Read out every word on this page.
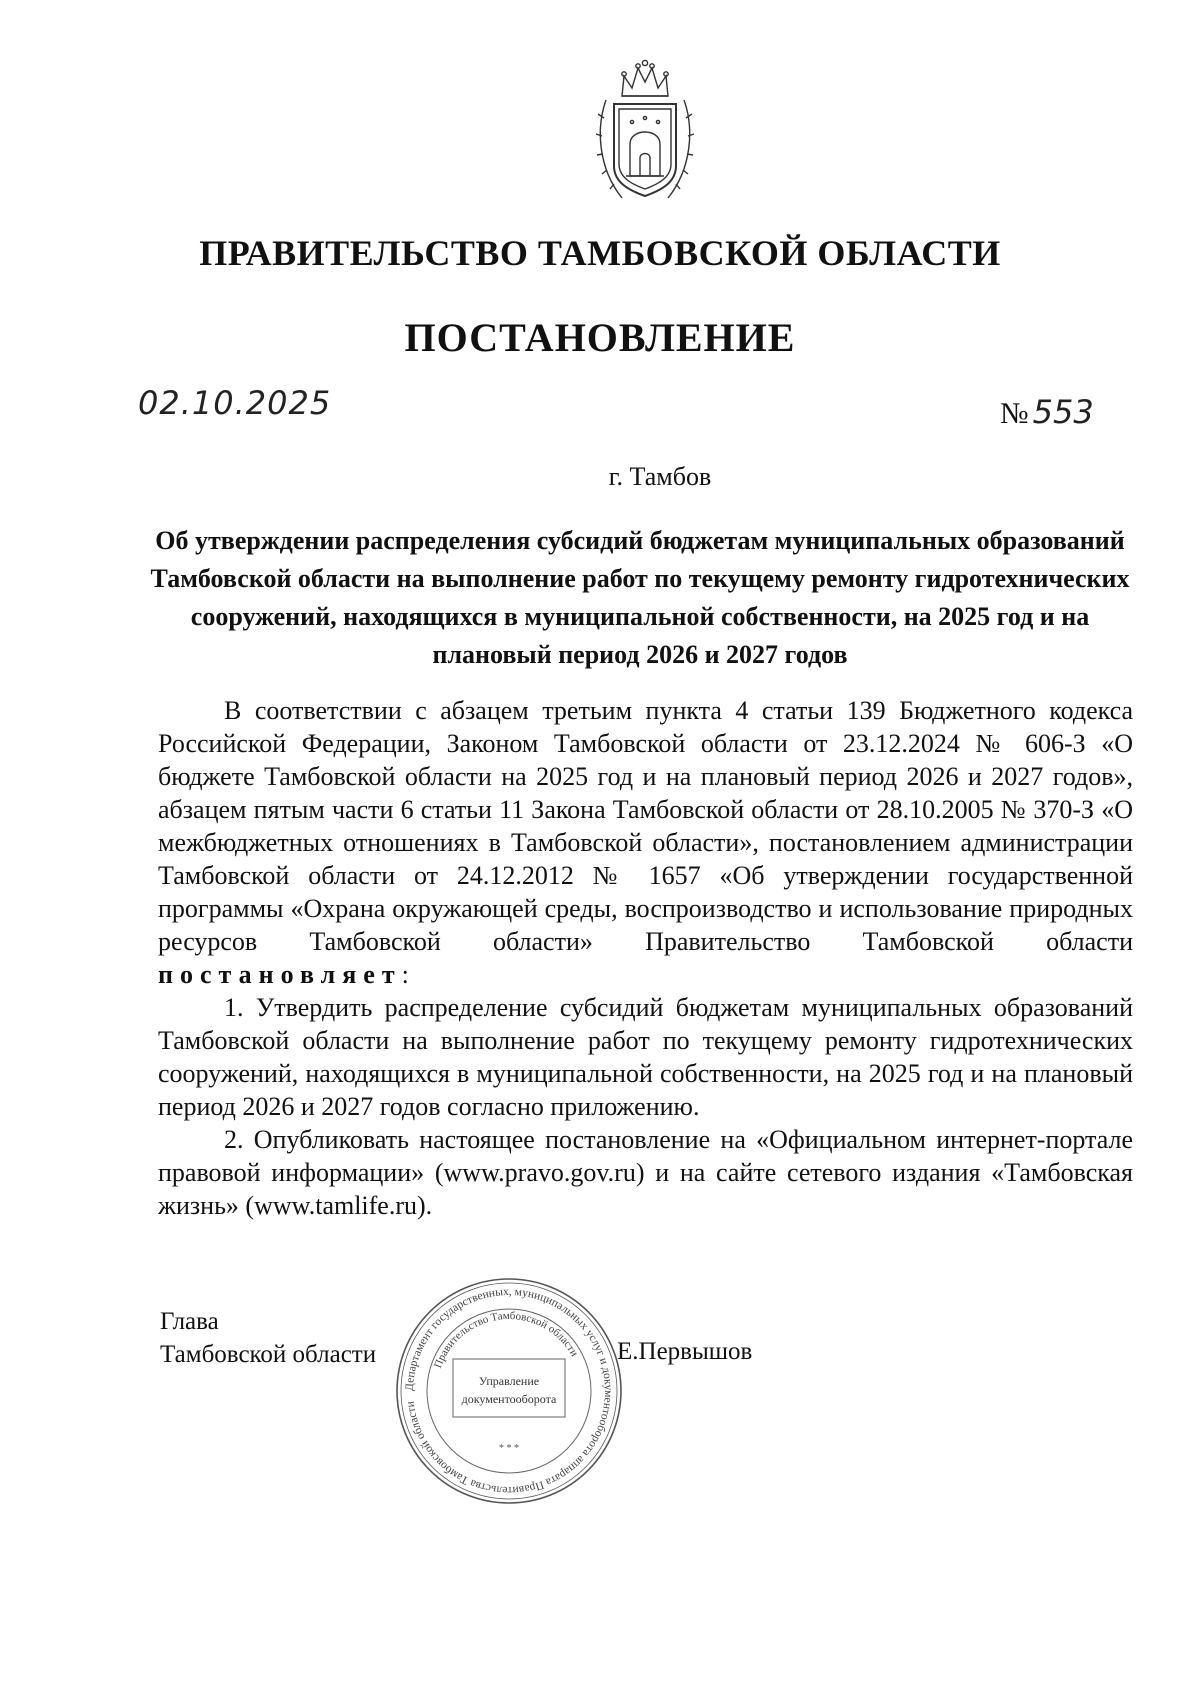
ПРАВИТЕЛЬСТВО ТАМБОВСКОЙ ОБЛАСТИ
ПОСТАНОВЛЕНИЕ
02.10.2025	№ 553
г. Тамбов

Об утверждении распределения субсидий бюджетам муниципальных образований Тамбовской области на выполнение работ по текущему ремонту гидротехнических сооружений, находящихся в муниципальной собственности, на 2025 год и на плановый период 2026 и 2027 годов

В соответствии с абзацем третьим пункта 4 статьи 139 Бюджетного кодекса Российской Федерации, Законом Тамбовской области от 23.12.2024 № 606-З «О бюджете Тамбовской области на 2025 год и на плановый период 2026 и 2027 годов», абзацем пятым части 6 статьи 11 Закона Тамбовской области от 28.10.2005 № 370-З «О межбюджетных отношениях в Тамбовской области», постановлением администрации Тамбовской области от 24.12.2012 № 1657 «Об утверждении государственной программы «Охрана окружающей среды, воспроизводство и использование природных ресурсов Тамбовской области» Правительство Тамбовской области постановляет:

1. Утвердить распределение субсидий бюджетам муниципальных образований Тамбовской области на выполнение работ по текущему ремонту гидротехнических сооружений, находящихся в муниципальной собственности, на 2025 год и на плановый период 2026 и 2027 годов согласно приложению.

2. Опубликовать настоящее постановление на «Официальном интернет-портале правовой информации» (www.pravo.gov.ru) и на сайте сетевого издания «Тамбовская жизнь» (www.tamlife.ru).

Глава
Тамбовской области	Е.Первышов
Департамент государственных, муниципальных услуг и документооборота аппарата Правительства Тамбовской области
Правительство Тамбовской области
Управление
документооборота
* * *
